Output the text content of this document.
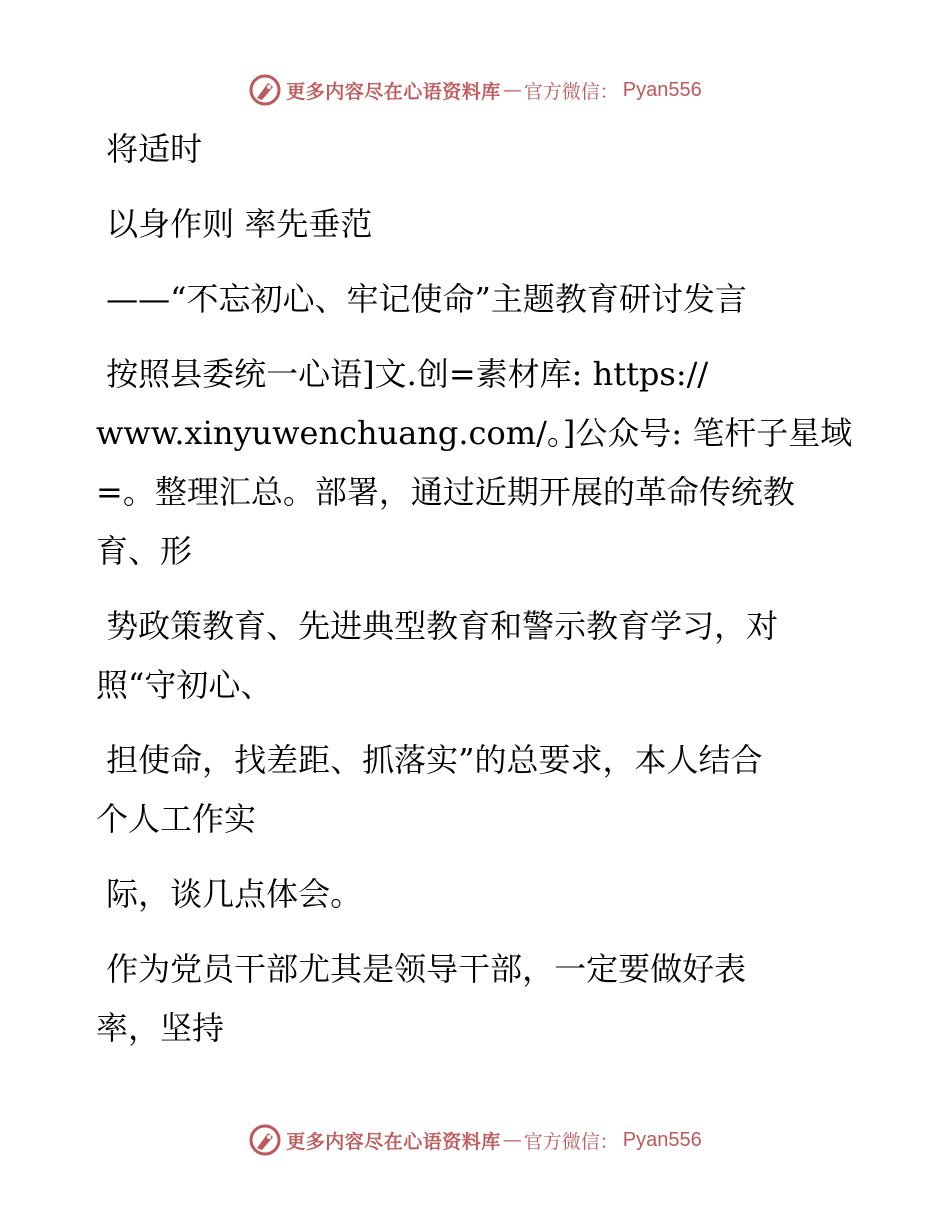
更多内容尽在心语资料库 — 官方微信： Pyan556

将适时

以身作则 率先垂范

——“不忘初心、牢记使命”主题教育研讨发言

按照县委统一心语]文.创=素材库: https://

www.xinyuwenchuang.com/。]公众号: 笔杆子星域

=。整理汇总。部署，通过近期开展的革命传统教

育、形

势政策教育、先进典型教育和警示教育学习，对

照“守初心、

担使命，找差距、抓落实”的总要求，本人结合

个人工作实

际，谈几点体会。

作为党员干部尤其是领导干部，一定要做好表

率，坚持

更多内容尽在心语资料库 — 官方微信： Pyan556
